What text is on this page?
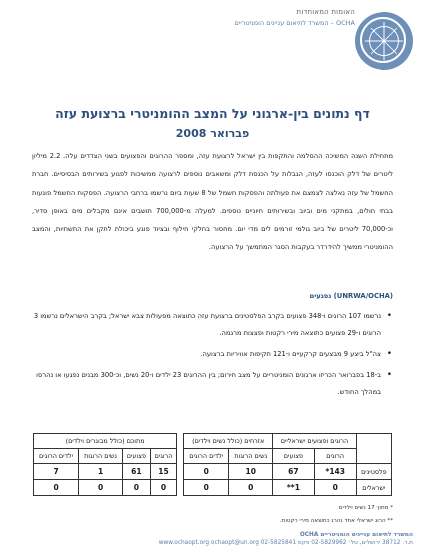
האומות המאוחדות
OCHA – המשרד לתיאום עניינים הומניטריים
דף נתונים בין-ארגוני על המצב ההומניטרי ברצועת עזה
פברואר 2008
מתחילת השנה המשיכה ההסלמה והתקפות בין ישראל לרצועת עזה, ומספר ההרוגים והפצועים בשני הצדדים עלה. 2.2 מיליון ליטרים של דלק הוכנסו לעזה, הגבלות על הכנסת דלק ומשאבים נוספים לרצועה ממשיכות לפגוע בשירותים הבסיסיים. חברת החשמל של עזה נאלצה לצמצם את פעולתה והפסקות חשמל של 8 שעות ביום נרשמו ברחבי הרצועה. הפסקות החשמל פוגעות בבתי חולים, במתקני מים וביוב ובשירותים חיוניים נוספים. למעלה מ-700,000 תושבים אינם מקבלים מים באופן סדיר, וכ-70,000 ליטרים של ביוב גולמי זורמים לים מדי יום. מחסור בחלקי חילוף ובציוד פוגע ביכולת לתקן את התשתיות, והמצב ההומניטרי ממשיך להידרדר בעקבות הסגר המתמשך על הרצועה.
(UNRWA/OCHA) נפגעים
• נרשמו 107 הרוגים ו-348 פצועים בקרב הפלסטינים ברצועת עזה כתוצאה מפעולות צבא ישראל; בקרב הישראלים נרשמו 3 הרוגים ו-29 פצועים כתוצאה מירי רקטות ופצצות מרגמה.
• צה"ל ביצע 9 מבצעים קרקעיים ו-121 תקיפות אוויריות ברצועה.
• ב-18 בפברואר הכריזו ארגונים הומניטריים על מצב חירום; בין ההרוגים 23 ילדים ו-20 נשים, וכ-300 מבנים נפגעו או נהרסו במהלך החודש.
	הרוגים ופצועים ישראליים		אזרחים (כולל נשים וילדים)			מתוכם (כולל מבוגרים וילדים)			
	הרוגים	פצועים	נשים הרוגות	ילדים הרוגים		הרוגים	פצועים	נשים הרוגות	ילדים הרוגים
פלסטינים	143*	67	10	0		15	61	1	7
ישראלים	0	1**	0	0		0	0	0	0
* מתוך 17 נשים וילדים
** הרוג ישראלי אחד נהרג כתוצאה מירי רקטות.
המשרד לתיאום עניינים הומניטריים OCHA
ת.ד. 38712 ירושלים, טל׳ 02-5829962 פקס 02-5825841 www.ochaopt.org ochaopt@un.org
